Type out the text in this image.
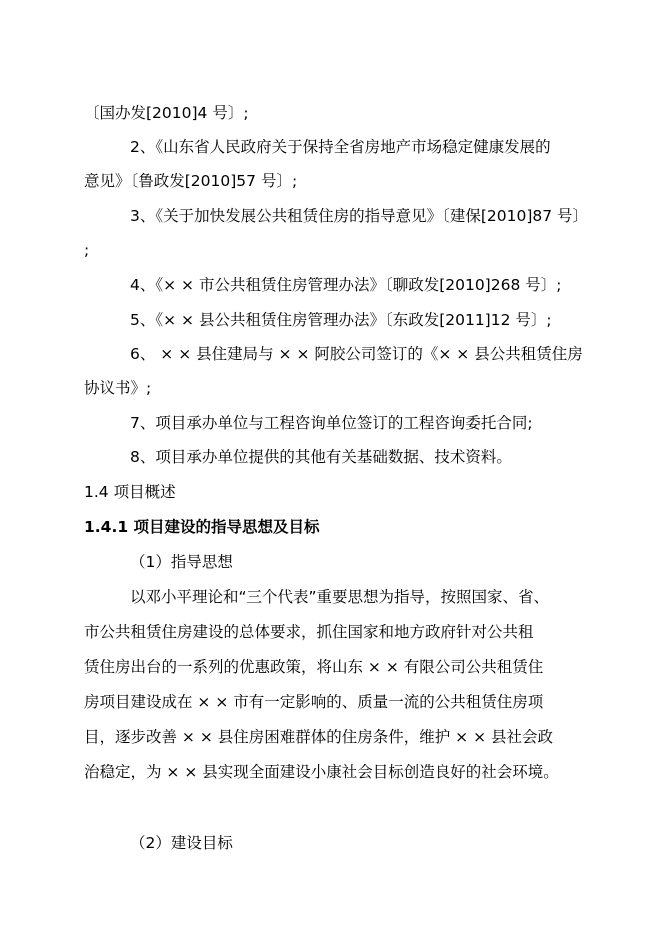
〔国办发[2010]4 号〕;
2、《山东省人民政府关于保持全省房地产市场稳定健康发展的
意见》〔鲁政发[2010]57 号〕;
3、《关于加快发展公共租赁住房的指导意见》〔建保[2010]87 号〕
;
4、《× × 市公共租赁住房管理办法》〔聊政发[2010]268 号〕;
5、《× × 县公共租赁住房管理办法》〔东政发[2011]12 号〕;
6、 × × 县住建局与 × × 阿胶公司签订的《× × 县公共租赁住房
协议书》;
7、项目承办单位与工程咨询单位签订的工程咨询委托合同;
8、项目承办单位提供的其他有关基础数据、技术资料。
1.4 项目概述
1.4.1 项目建设的指导思想及目标
（1）指导思想
以邓小平理论和“三个代表”重要思想为指导，按照国家、省、
市公共租赁住房建设的总体要求，抓住国家和地方政府针对公共租
赁住房出台的一系列的优惠政策，将山东 × × 有限公司公共租赁住
房项目建设成在 × × 市有一定影响的、质量一流的公共租赁住房项
目，逐步改善 × × 县住房困难群体的住房条件，维护 × × 县社会政
治稳定，为 × × 县实现全面建设小康社会目标创造良好的社会环境。
（2）建设目标
